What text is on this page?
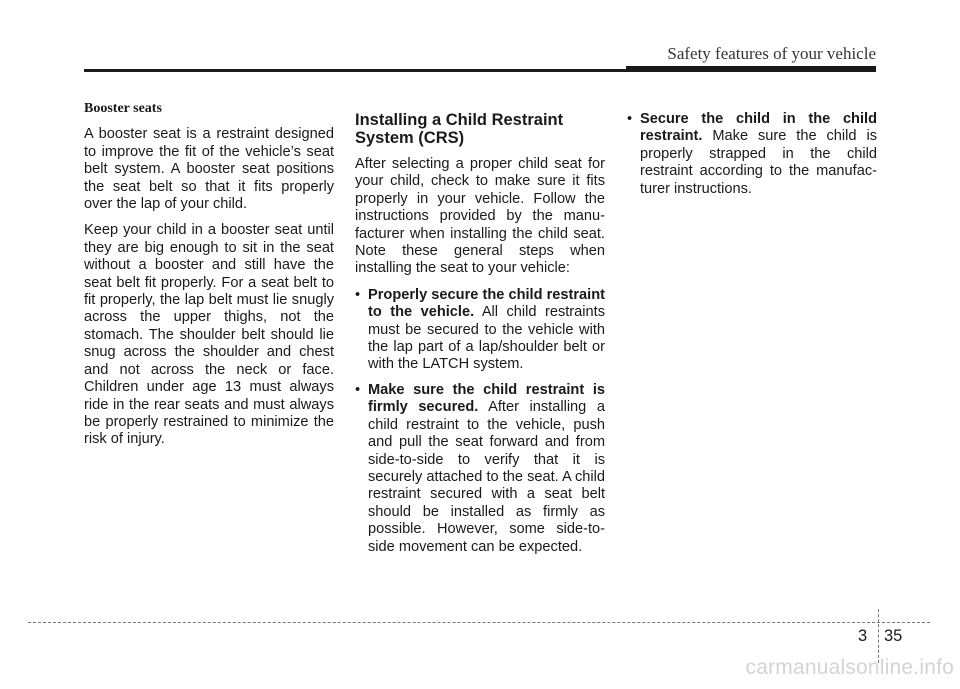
Safety features of your vehicle

Booster seats

A booster seat is a restraint designed to improve the fit of the vehicle’s seat belt system. A booster seat positions the seat belt so that it fits properly over the lap of your child.

Keep your child in a booster seat until they are big enough to sit in the seat without a booster and still have the seat belt fit properly. For a seat belt to fit properly, the lap belt must lie snugly across the upper thighs, not the stomach. The shoulder belt should lie snug across the shoulder and chest and not across the neck or face. Children under age 13 must always ride in the rear seats and must always be properly restrained to minimize the risk of injury.

Installing a Child Restraint System (CRS)

After selecting a proper child seat for your child, check to make sure it fits properly in your vehicle. Follow the instructions provided by the manu-facturer when installing the child seat. Note these general steps when installing the seat to your vehicle:

• Properly secure the child restraint to the vehicle. All child restraints must be secured to the vehicle with the lap part of a lap/shoulder belt or with the LATCH system.
• Make sure the child restraint is firmly secured. After installing a child restraint to the vehicle, push and pull the seat forward and from side-to-side to verify that it is securely attached to the seat. A child restraint secured with a seat belt should be installed as firmly as possible. However, some side-to-side movement can be expected.
• Secure the child in the child restraint. Make sure the child is properly strapped in the child restraint according to the manufac-turer instructions.
3 35
carmanualsonline.info
